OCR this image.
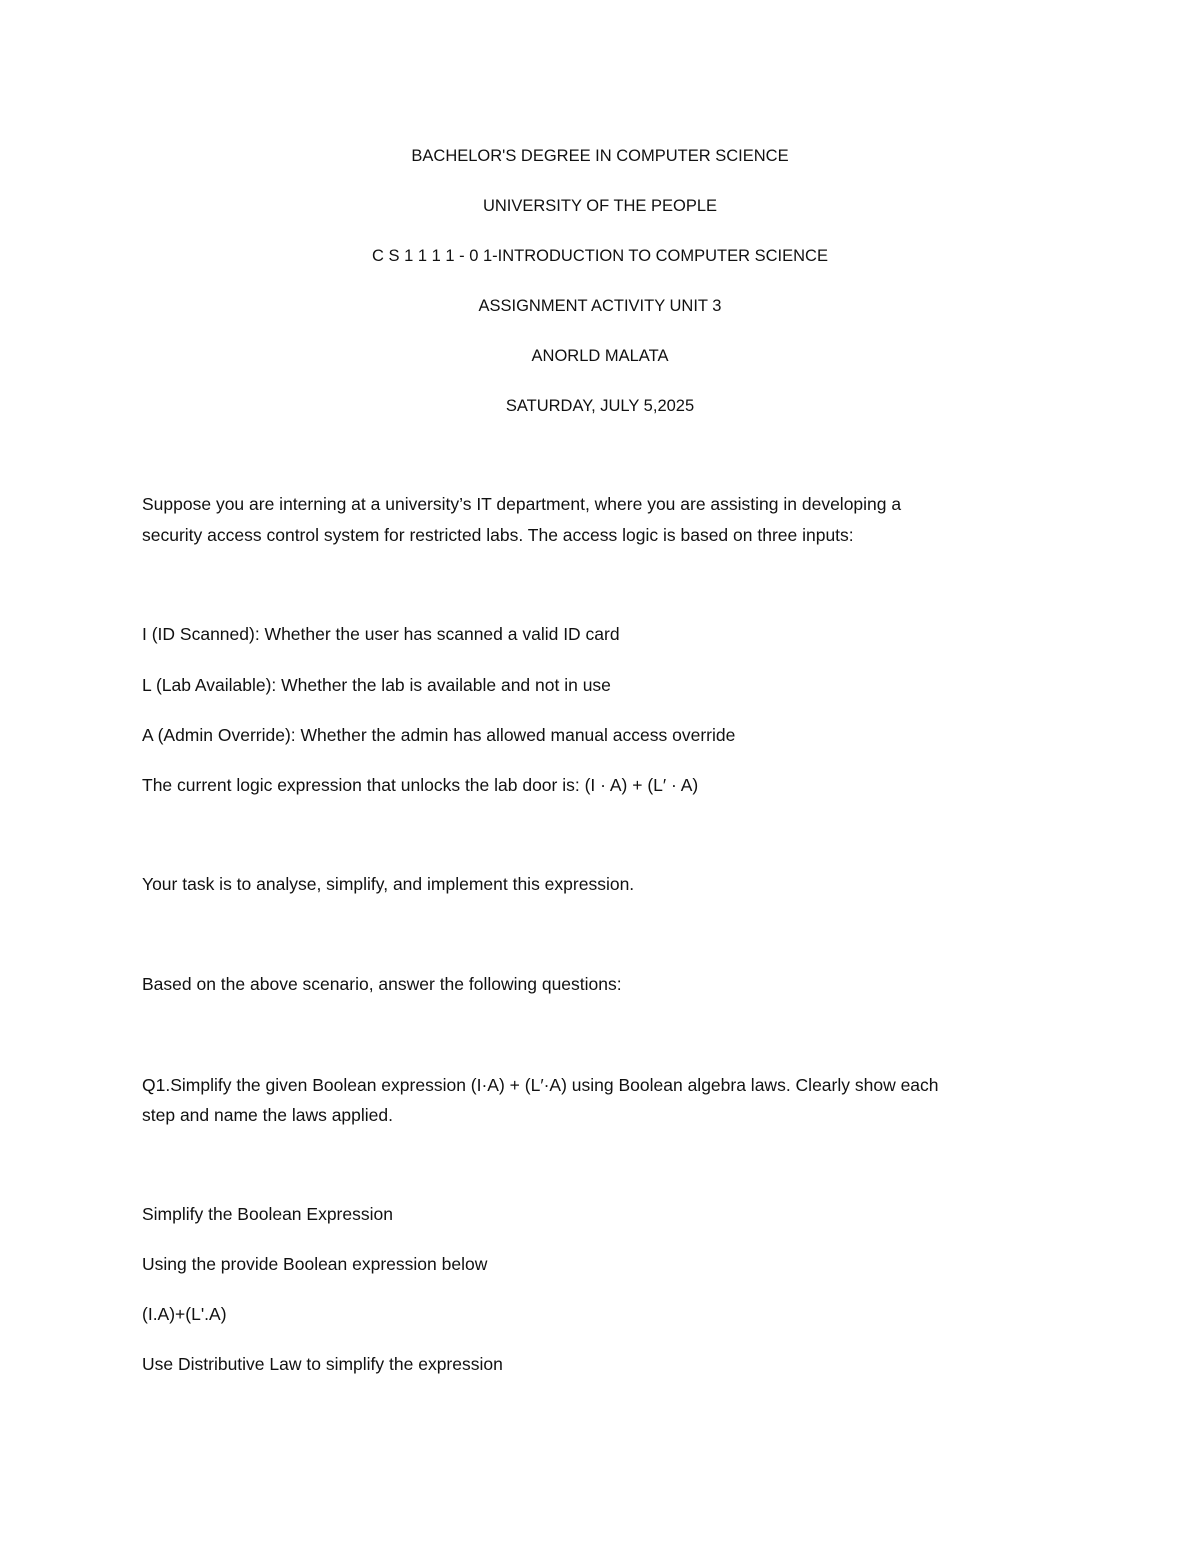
BACHELOR'S DEGREE IN COMPUTER SCIENCE

UNIVERSITY OF THE PEOPLE

C S 1 1 1 1 - 0 1-INTRODUCTION TO COMPUTER SCIENCE

ASSIGNMENT ACTIVITY UNIT 3

ANORLD MALATA

SATURDAY, JULY 5,2025

Suppose you are interning at a university’s IT department, where you are assisting in developing a

security access control system for restricted labs. The access logic is based on three inputs:

I (ID Scanned): Whether the user has scanned a valid ID card

L (Lab Available): Whether the lab is available and not in use

A (Admin Override): Whether the admin has allowed manual access override

The current logic expression that unlocks the lab door is: (I · A) + (L′ · A)

Your task is to analyse, simplify, and implement this expression.

Based on the above scenario, answer the following questions:

Q1.Simplify the given Boolean expression (I·A) + (L′·A) using Boolean algebra laws. Clearly show each

step and name the laws applied.

Simplify the Boolean Expression

Using the provide Boolean expression below

(I.A)+(L'.A)

Use Distributive Law to simplify the expression
